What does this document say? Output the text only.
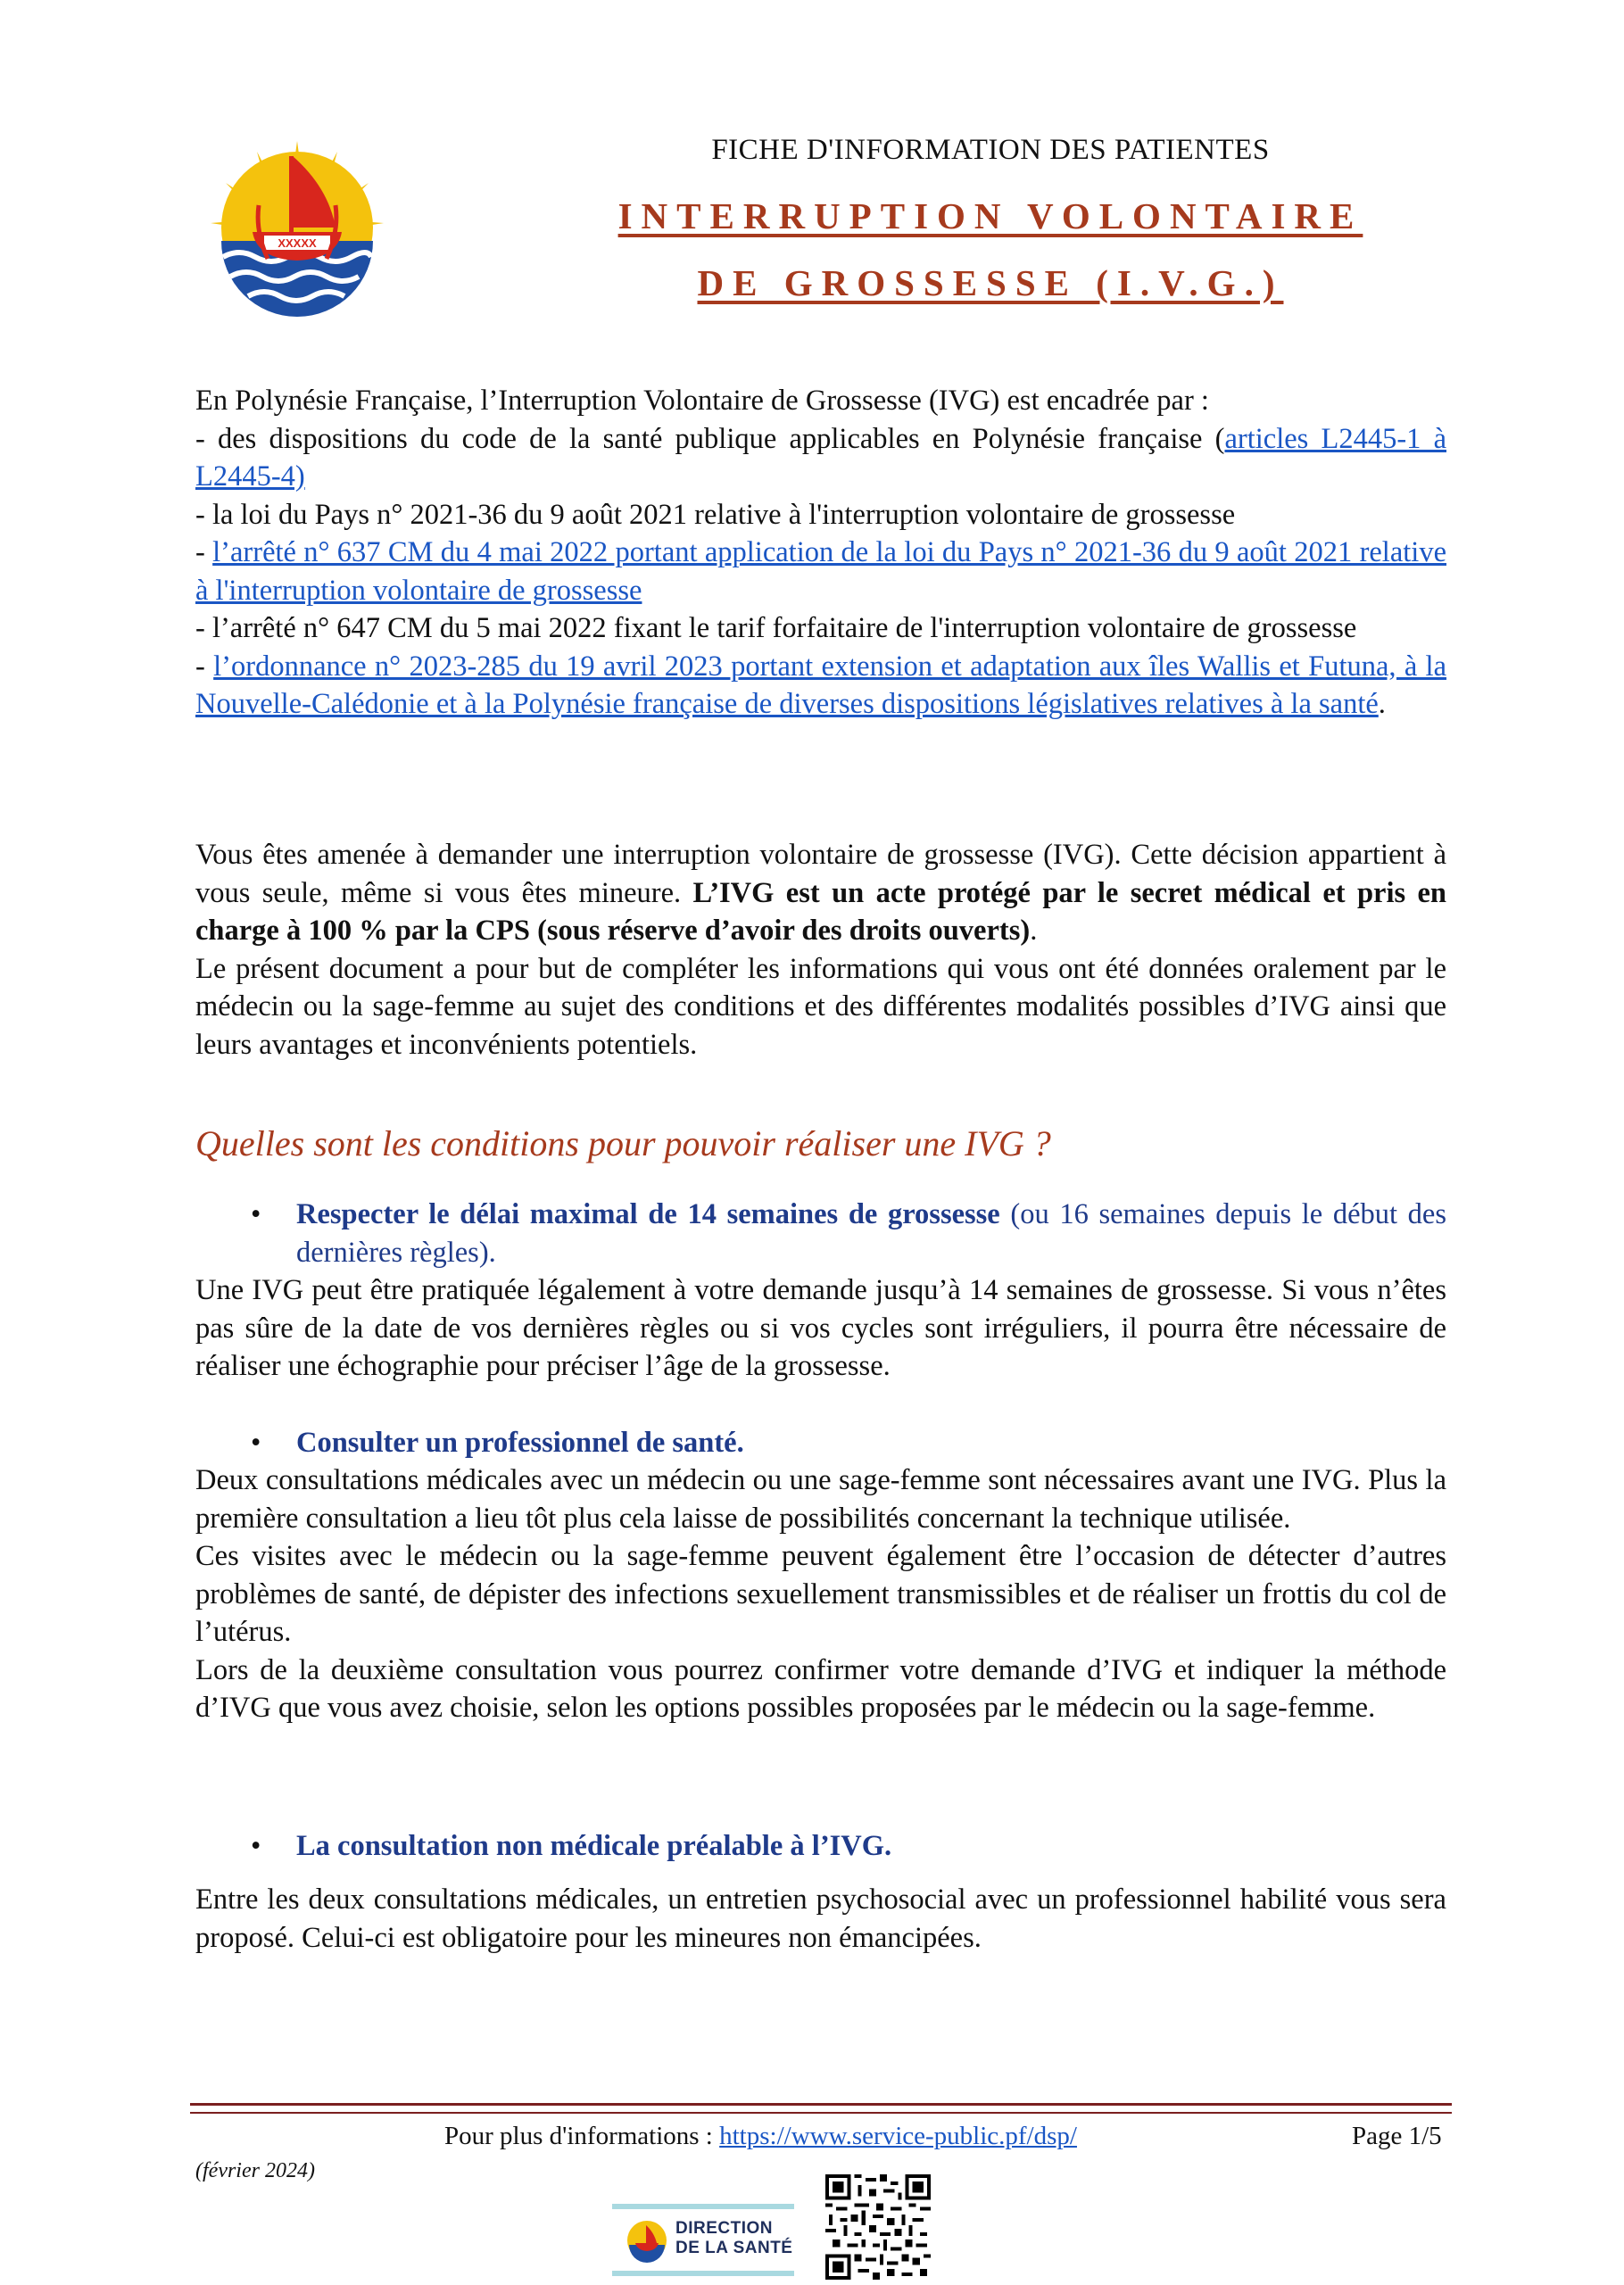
XXXXX
FICHE D'INFORMATION DES PATIENTES
INTERRUPTION VOLONTAIRE
DE GROSSESSE (I.V.G.)

En Polynésie Française, l’Interruption Volontaire de Grossesse (IVG) est encadrée par :

- des dispositions du code de la santé publique applicables en Polynésie française (articles L2445-1 à L2445-4)

- la loi du Pays n° 2021-36 du 9 août 2021 relative à l'interruption volontaire de grossesse

- l’arrêté n° 637 CM du 4 mai 2022 portant application de la loi du Pays n° 2021-36 du 9 août 2021 relative à l'interruption volontaire de grossesse

- l’arrêté n° 647 CM du 5 mai 2022 fixant le tarif forfaitaire de l'interruption volontaire de grossesse

- l’ordonnance n° 2023-285 du 19 avril 2023 portant extension et adaptation aux îles Wallis et Futuna, à la Nouvelle-Calédonie et à la Polynésie française de diverses dispositions législatives relatives à la santé.

Vous êtes amenée à demander une interruption volontaire de grossesse (IVG). Cette décision appartient à vous seule, même si vous êtes mineure. L’IVG est un acte protégé par le secret médical et pris en charge à 100 % par la CPS (sous réserve d’avoir des droits ouverts).

Le présent document a pour but de compléter les informations qui vous ont été données oralement par le médecin ou la sage-femme au sujet des conditions et des différentes modalités possibles d’IVG ainsi que leurs avantages et inconvénients potentiels.

Quelles sont les conditions pour pouvoir réaliser une IVG ?
• Respecter le délai maximal de 14 semaines de grossesse (ou 16 semaines depuis le début des dernières règles).

Une IVG peut être pratiquée légalement à votre demande jusqu’à 14 semaines de grossesse. Si vous n’êtes pas sûre de la date de vos dernières règles ou si vos cycles sont irréguliers, il pourra être nécessaire de réaliser une échographie pour préciser l’âge de la grossesse.

• Consulter un professionnel de santé.

Deux consultations médicales avec un médecin ou une sage-femme sont nécessaires avant une IVG. Plus la première consultation a lieu tôt plus cela laisse de possibilités concernant la technique utilisée.

Ces visites avec le médecin ou la sage-femme peuvent également être l’occasion de détecter d’autres problèmes de santé, de dépister des infections sexuellement transmissibles et de réaliser un frottis du col de l’utérus.

Lors de la deuxième consultation vous pourrez confirmer votre demande d’IVG et indiquer la méthode d’IVG que vous avez choisie, selon les options possibles proposées par le médecin ou la sage-femme.

• La consultation non médicale préalable à l’IVG.

Entre les deux consultations médicales, un entretien psychosocial avec un professionnel habilité vous sera proposé. Celui-ci est obligatoire pour les mineures non émancipées.

Pour plus d'informations : https://www.service-public.pf/dsp/	Page 1/5
(février 2024)
DIRECTION
DE LA SANTÉ
